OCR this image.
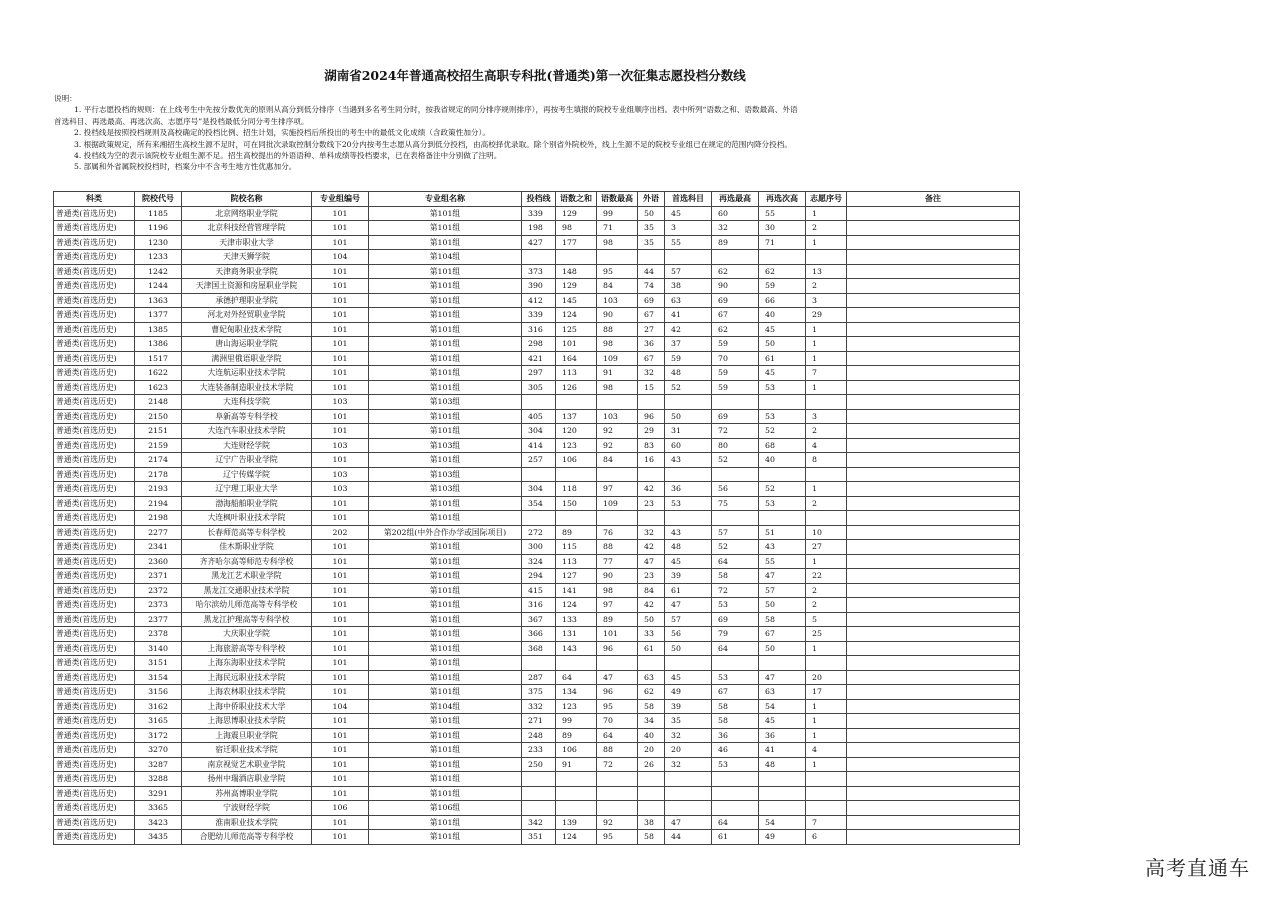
湖南省2024年普通高校招生高职专科批(普通类)第一次征集志愿投档分数线
说明：
1. 平行志愿投档的规则：在上线考生中先按分数优先的原则从高分到低分排序（当遇到多名考生同分时，按我省规定的同分排序规则排序），再按考生填报的院校专业组顺序出档。表中所列“语数之和、语数最高、外语
首选科目、再选最高、再选次高、志愿序号”是投档最低分同分考生排序项。
2. 投档线是按照投档规则及高校确定的投档比例、招生计划，实施投档后所投出的考生中的最低文化成绩（含政策性加分）。
3. 根据政策规定，所有来湘招生高校生源不足时，可在同批次录取控制分数线下20分内按考生志愿从高分到低分投档，由高校择优录取。除个别省外院校外，线上生源不足的院校专业组已在规定的范围内降分投档。
4. 投档线为空的表示该院校专业组生源不足。招生高校提出的外语语种、单科成绩等投档要求，已在表格备注中分别做了注明。
5. 部属和外省属院校投档时，档案分中不含考生地方性优惠加分。
科类	院校代号	院校名称	专业组编号	专业组名称	投档线	语数之和	语数最高	外语	首选科目	再选最高	再选次高	志愿序号	备注
普通类(首选历史)	1185	北京网络职业学院	101	第101组	339	129	99	50	45	60	55	1	
普通类(首选历史)	1196	北京科技经营管理学院	101	第101组	198	98	71	35	3	32	30	2	
普通类(首选历史)	1230	天津市职业大学	101	第101组	427	177	98	35	55	89	71	1	
普通类(首选历史)	1233	天津天狮学院	104	第104组									
普通类(首选历史)	1242	天津商务职业学院	101	第101组	373	148	95	44	57	62	62	13	
普通类(首选历史)	1244	天津国土资源和房屋职业学院	101	第101组	390	129	84	74	38	90	59	2	
普通类(首选历史)	1363	承德护理职业学院	101	第101组	412	145	103	69	63	69	66	3	
普通类(首选历史)	1377	河北对外经贸职业学院	101	第101组	339	124	90	67	41	67	40	29	
普通类(首选历史)	1385	曹妃甸职业技术学院	101	第101组	316	125	88	27	42	62	45	1	
普通类(首选历史)	1386	唐山海运职业学院	101	第101组	298	101	98	36	37	59	50	1	
普通类(首选历史)	1517	满洲里俄语职业学院	101	第101组	421	164	109	67	59	70	61	1	
普通类(首选历史)	1622	大连航运职业技术学院	101	第101组	297	113	91	32	48	59	45	7	
普通类(首选历史)	1623	大连装备制造职业技术学院	101	第101组	305	126	98	15	52	59	53	1	
普通类(首选历史)	2148	大连科技学院	103	第103组									
普通类(首选历史)	2150	阜新高等专科学校	101	第101组	405	137	103	96	50	69	53	3	
普通类(首选历史)	2151	大连汽车职业技术学院	101	第101组	304	120	92	29	31	72	52	2	
普通类(首选历史)	2159	大连财经学院	103	第103组	414	123	92	83	60	80	68	4	
普通类(首选历史)	2174	辽宁广告职业学院	101	第101组	257	106	84	16	43	52	40	8	
普通类(首选历史)	2178	辽宁传媒学院	103	第103组									
普通类(首选历史)	2193	辽宁理工职业大学	103	第103组	304	118	97	42	36	56	52	1	
普通类(首选历史)	2194	渤海船舶职业学院	101	第101组	354	150	109	23	53	75	53	2	
普通类(首选历史)	2198	大连枫叶职业技术学院	101	第101组									
普通类(首选历史)	2277	长春师范高等专科学校	202	第202组(中外合作办学或国际项目)	272	89	76	32	43	57	51	10	
普通类(首选历史)	2341	佳木斯职业学院	101	第101组	300	115	88	42	48	52	43	27	
普通类(首选历史)	2360	齐齐哈尔高等师范专科学校	101	第101组	324	113	77	47	45	64	55	1	
普通类(首选历史)	2371	黑龙江艺术职业学院	101	第101组	294	127	90	23	39	58	47	22	
普通类(首选历史)	2372	黑龙江交通职业技术学院	101	第101组	415	141	98	84	61	72	57	2	
普通类(首选历史)	2373	哈尔滨幼儿师范高等专科学校	101	第101组	316	124	97	42	47	53	50	2	
普通类(首选历史)	2377	黑龙江护理高等专科学校	101	第101组	367	133	89	50	57	69	58	5	
普通类(首选历史)	2378	大庆职业学院	101	第101组	366	131	101	33	56	79	67	25	
普通类(首选历史)	3140	上海旅游高等专科学校	101	第101组	368	143	96	61	50	64	50	1	
普通类(首选历史)	3151	上海东海职业技术学院	101	第101组									
普通类(首选历史)	3154	上海民远职业技术学院	101	第101组	287	64	47	63	45	53	47	20	
普通类(首选历史)	3156	上海农林职业技术学院	101	第101组	375	134	96	62	49	67	63	17	
普通类(首选历史)	3162	上海中侨职业技术大学	104	第104组	332	123	95	58	39	58	54	1	
普通类(首选历史)	3165	上海思博职业技术学院	101	第101组	271	99	70	34	35	58	45	1	
普通类(首选历史)	3172	上海震旦职业学院	101	第101组	248	89	64	40	32	36	36	1	
普通类(首选历史)	3270	宿迁职业技术学院	101	第101组	233	106	88	20	20	46	41	4	
普通类(首选历史)	3287	南京视觉艺术职业学院	101	第101组	250	91	72	26	32	53	48	1	
普通类(首选历史)	3288	扬州中瑞酒店职业学院	101	第101组									
普通类(首选历史)	3291	苏州高博职业学院	101	第101组									
普通类(首选历史)	3365	宁波财经学院	106	第106组									
普通类(首选历史)	3423	淮南职业技术学院	101	第101组	342	139	92	38	47	64	54	7	
普通类(首选历史)	3435	合肥幼儿师范高等专科学校	101	第101组	351	124	95	58	44	61	49	6	
高考直通车
